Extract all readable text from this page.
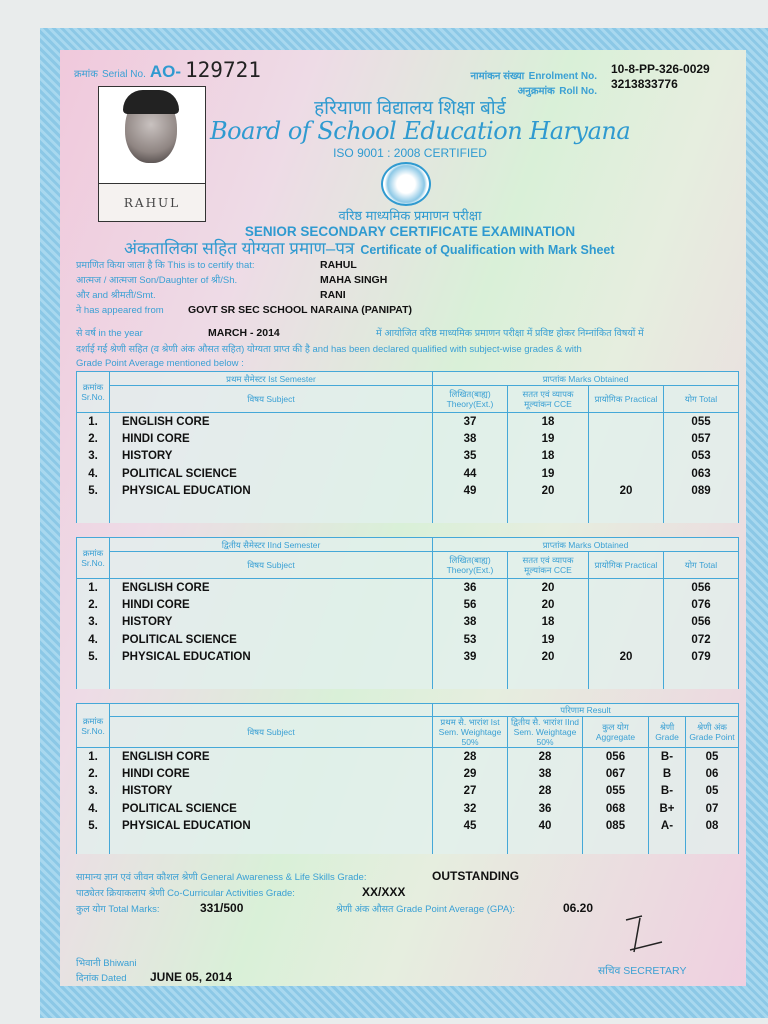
क्रमांक Serial No. AO- 129721	नामांकन संख्या Enrolment No.
10-8-PP-326-0029
अनुक्रमांक Roll No.
3213833776
RAHUL
हरियाणा विद्यालय शिक्षा बोर्ड
Board of School Education Haryana
ISO 9001 : 2008 CERTIFIED
वरिष्ठ माध्यमिक प्रमाणन परीक्षा
SENIOR SECONDARY CERTIFICATE EXAMINATION
अंकतालिका सहित योग्यता प्रमाण–पत्र Certificate of Qualification with Mark Sheet
प्रमाणित किया जाता है कि This is to certify that:	RAHUL
आत्मज / आत्मजा Son/Daughter of श्री/Sh.	MAHA SINGH
और and श्रीमती/Smt.	RANI
ने has appeared from	GOVT SR SEC SCHOOL NARAINA (PANIPAT)
से वर्ष in the year	MARCH - 2014	में आयोजित वरिष्ठ माध्यमिक प्रमाणन परीक्षा में प्रविष्ट होकर निम्नांकित विषयों में
दर्शाई गई श्रेणी सहित (व श्रेणी अंक औसत सहित) योग्यता प्राप्त की है and has been declared qualified with subject-wise grades & with
Grade Point Average mentioned below :
क्रमांक Sr.No.	प्रथम सैमेस्टर Ist Semester	प्राप्तांक Marks Obtained			
	विषय Subject	लिखित(बाह्य) Theory(Ext.)	सतत एवं व्यापक मूल्यांकन CCE	प्रायोगिक Practical	योग Total
1.	ENGLISH CORE	37	18		055
2.	HINDI CORE	38	19		057
3.	HISTORY	35	18		053
4.	POLITICAL SCIENCE	44	19		063
5.	PHYSICAL EDUCATION	49	20	20	089

क्रमांक Sr.No.	द्वितीय सैमेस्टर IInd Semester	प्राप्तांक Marks Obtained			
	विषय Subject	लिखित(बाह्य) Theory(Ext.)	सतत एवं व्यापक मूल्यांकन CCE	प्रायोगिक Practical	योग Total
1.	ENGLISH CORE	36	20		056
2.	HINDI CORE	56	20		076
3.	HISTORY	38	18		056
4.	POLITICAL SCIENCE	53	19		072
5.	PHYSICAL EDUCATION	39	20	20	079

क्रमांक Sr.No.		परिणाम Result				
	विषय Subject	प्रथम सै. भारांश Ist Sem. Weightage 50%	द्वितीय सै. भारांश IInd Sem. Weightage 50%	कुल योग Aggregate	श्रेणी Grade	श्रेणी अंक Grade Point
1.	ENGLISH CORE	28	28	056	B-	05
2.	HINDI CORE	29	38	067	B	06
3.	HISTORY	27	28	055	B-	05
4.	POLITICAL SCIENCE	32	36	068	B+	07
5.	PHYSICAL EDUCATION	45	40	085	A-	08

सामान्य ज्ञान एवं जीवन कौशल श्रेणी General Awareness & Life Skills Grade:	OUTSTANDING
पाठ्येतर क्रियाकलाप श्रेणी Co-Curricular Activities Grade:	XX/XXX
कुल योग Total Marks:	331/500	श्रेणी अंक औसत Grade Point Average (GPA):	06.20
सचिव SECRETARY
भिवानी Bhiwani
दिनांक Dated	JUNE 05, 2014
